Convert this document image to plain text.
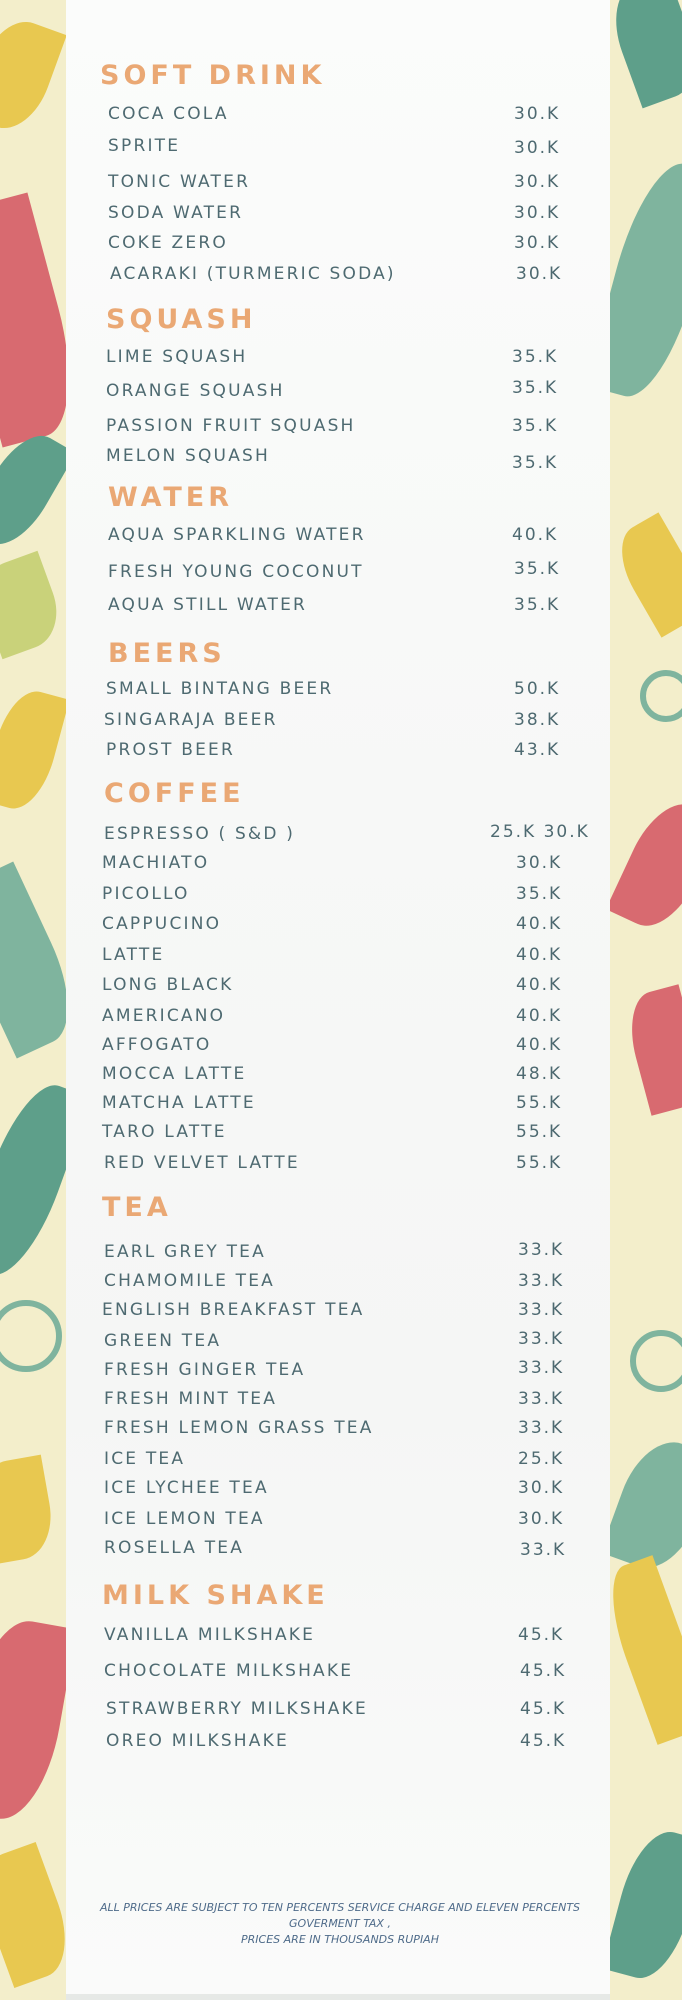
SOFT DRINK
COCA COLA	30.K
SPRITE	30.K
TONIC WATER	30.K
SODA WATER	30.K
COKE ZERO	30.K
ACARAKI (TURMERIC SODA)	30.K
SQUASH
LIME SQUASH	35.K
ORANGE SQUASH	35.K
PASSION FRUIT SQUASH	35.K
MELON SQUASH	35.K
WATER
AQUA SPARKLING WATER	40.K
FRESH YOUNG COCONUT	35.K
AQUA STILL WATER	35.K
BEERS
SMALL BINTANG BEER	50.K
SINGARAJA BEER	38.K
PROST BEER	43.K
COFFEE
ESPRESSO ( S&D )	25.K 30.K
MACHIATO	30.K
PICOLLO	35.K
CAPPUCINO	40.K
LATTE	40.K
LONG BLACK	40.K
AMERICANO	40.K
AFFOGATO	40.K
MOCCA LATTE	48.K
MATCHA LATTE	55.K
TARO LATTE	55.K
RED VELVET LATTE	55.K
TEA
EARL GREY TEA	33.K
CHAMOMILE TEA	33.K
ENGLISH BREAKFAST TEA	33.K
GREEN TEA	33.K
FRESH GINGER TEA	33.K
FRESH MINT TEA	33.K
FRESH LEMON GRASS TEA	33.K
ICE TEA	25.K
ICE LYCHEE TEA	30.K
ICE LEMON TEA	30.K
ROSELLA TEA	33.K
MILK SHAKE
VANILLA MILKSHAKE	45.K
CHOCOLATE MILKSHAKE	45.K
STRAWBERRY MILKSHAKE	45.K
OREO MILKSHAKE	45.K
ALL PRICES ARE SUBJECT TO TEN PERCENTS SERVICE CHARGE AND ELEVEN PERCENTS GOVERMENT TAX ,
PRICES ARE IN THOUSANDS RUPIAH
